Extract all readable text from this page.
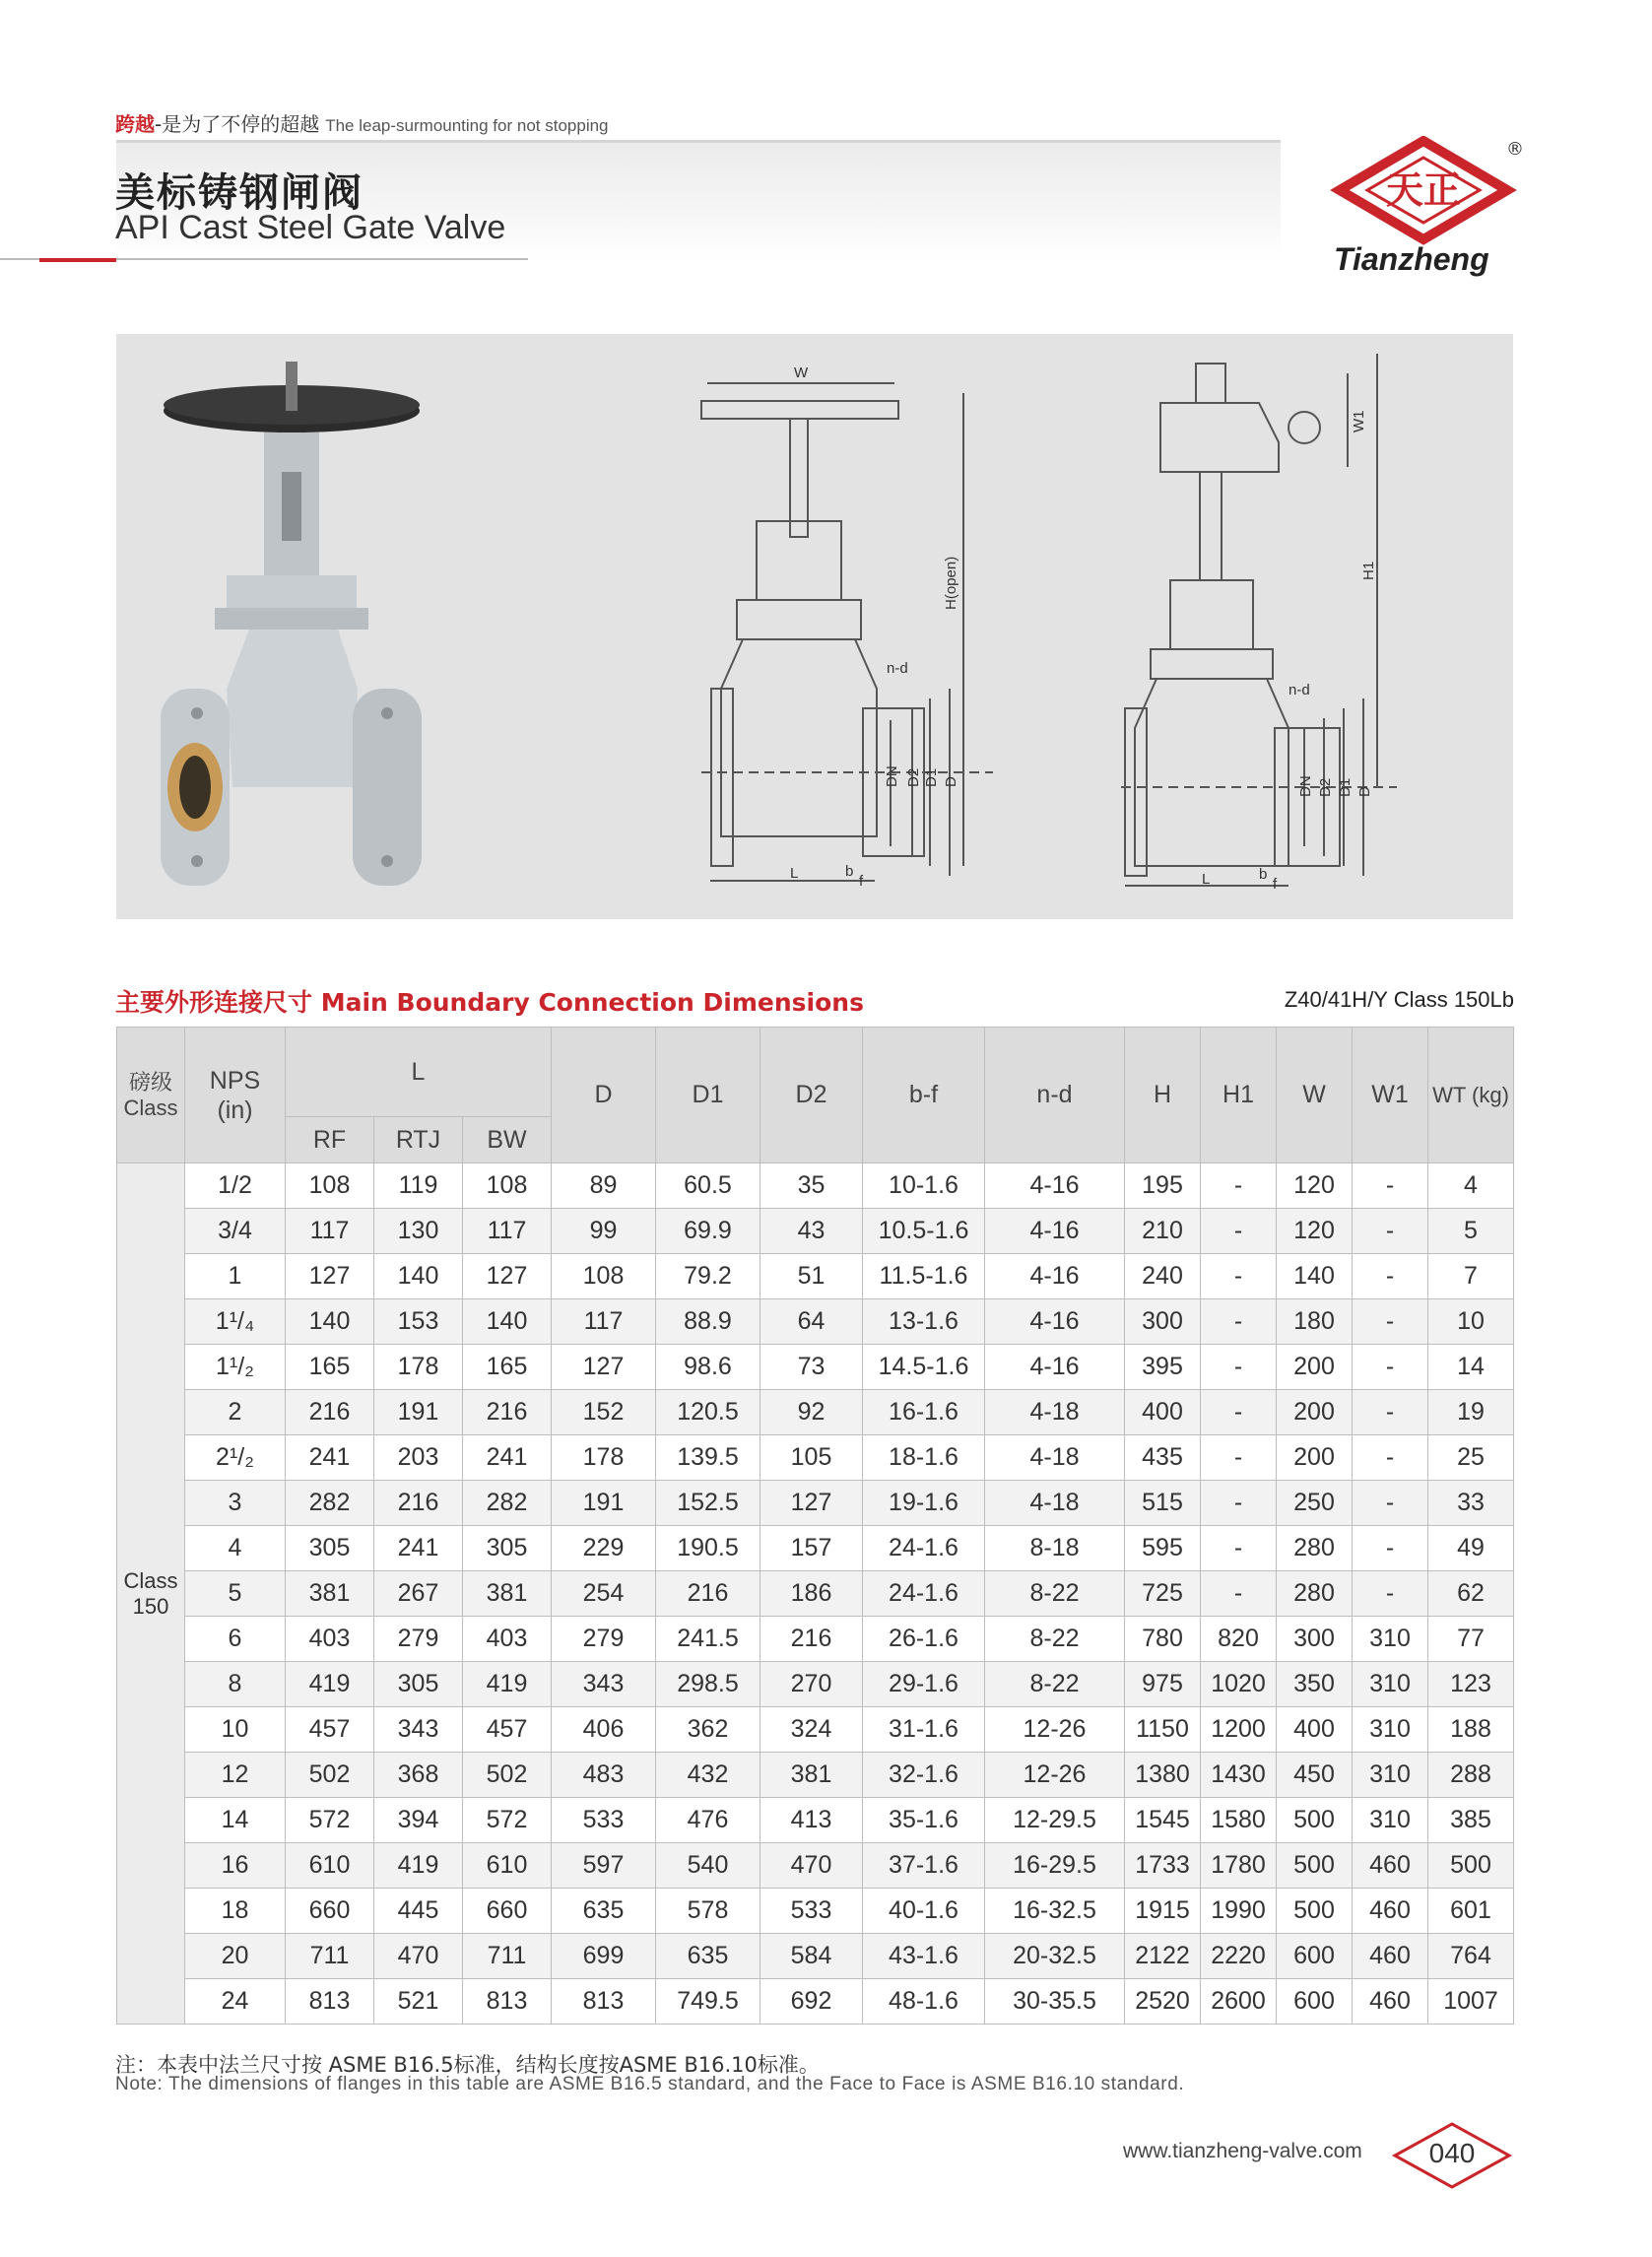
跨越-是为了不停的超越 The leap-surmounting for not stopping
美标铸钢闸阀
API Cast Steel Gate Valve
天正
®
Tianzheng
W
H(open)
L	b
f
n-d
DN D2 D1 D
W1
H1
L	b
f
n-d
DN D2 D1 D
主要外形连接尺寸 Main Boundary Connection Dimensions	Z40/41H/Y Class 150Lb
磅级
Class	NPS
(in)	L			D	D1	D2	b-f	n-d	H	H1	W	W1	WT (kg)
		RF	RTJ	BW										
Class
150	1/2	108	119	108	89	60.5	35	10-1.6	4-16	195	-	120	-	4
	3/4	117	130	117	99	69.9	43	10.5-1.6	4-16	210	-	120	-	5
	1	127	140	127	108	79.2	51	11.5-1.6	4-16	240	-	140	-	7
	1¹/₄	140	153	140	117	88.9	64	13-1.6	4-16	300	-	180	-	10
	1¹/₂	165	178	165	127	98.6	73	14.5-1.6	4-16	395	-	200	-	14
	2	216	191	216	152	120.5	92	16-1.6	4-18	400	-	200	-	19
	2¹/₂	241	203	241	178	139.5	105	18-1.6	4-18	435	-	200	-	25
	3	282	216	282	191	152.5	127	19-1.6	4-18	515	-	250	-	33
	4	305	241	305	229	190.5	157	24-1.6	8-18	595	-	280	-	49
	5	381	267	381	254	216	186	24-1.6	8-22	725	-	280	-	62
	6	403	279	403	279	241.5	216	26-1.6	8-22	780	820	300	310	77
	8	419	305	419	343	298.5	270	29-1.6	8-22	975	1020	350	310	123
	10	457	343	457	406	362	324	31-1.6	12-26	1150	1200	400	310	188
	12	502	368	502	483	432	381	32-1.6	12-26	1380	1430	450	310	288
	14	572	394	572	533	476	413	35-1.6	12-29.5	1545	1580	500	310	385
	16	610	419	610	597	540	470	37-1.6	16-29.5	1733	1780	500	460	500
	18	660	445	660	635	578	533	40-1.6	16-32.5	1915	1990	500	460	601
	20	711	470	711	699	635	584	43-1.6	20-32.5	2122	2220	600	460	764
	24	813	521	813	813	749.5	692	48-1.6	30-35.5	2520	2600	600	460	1007
注：本表中法兰尺寸按 ASME B16.5标准，结构长度按ASME B16.10标准。
Note: The dimensions of flanges in this table are ASME B16.5 standard, and the Face to Face is ASME B16.10 standard.
www.tianzheng-valve.com	040
